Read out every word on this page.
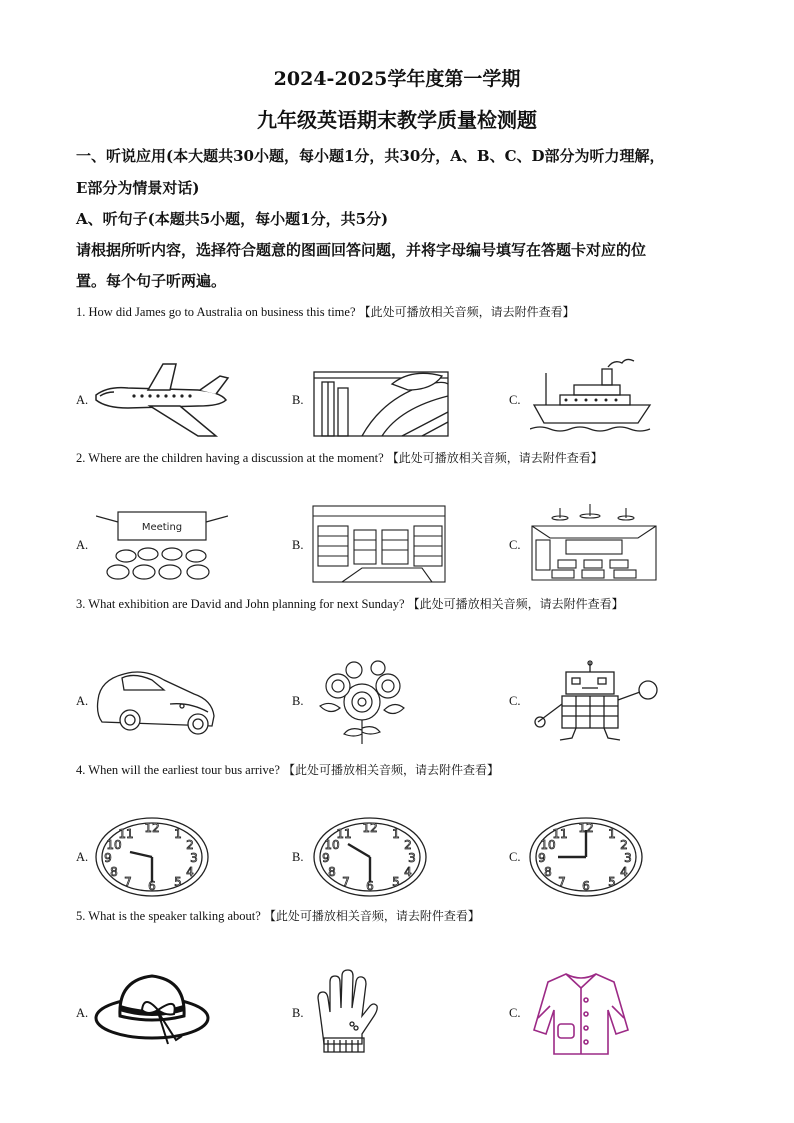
2024-2025学年度第一学期
九年级英语期末教学质量检测题
一、听说应用(本大题共30小题，每小题1分，共30分，A、B、C、D部分为听力理解，
E部分为情景对话)
A、听句子(本题共5小题，每小题1分，共5分)
请根据所听内容，选择符合题意的图画回答问题，并将字母编号填写在答题卡对应的位
置。每个句子听两遍。
1. How did James go to Australia on business this time? 【此处可播放相关音频，请去附件查看】
A.	B.	C.
2. Where are the children having a discussion at the moment? 【此处可播放相关音频，请去附件查看】
A.
Meeting
B.	C.
3. What exhibition are David and John planning for next Sunday? 【此处可播放相关音频，请去附件查看】
A.	B.	C.
4. When will the earliest tour bus arrive? 【此处可播放相关音频，请去附件查看】
A.
12 1
2
3
4
5
6
7
8
9
10
11
B.
12 1
2
3
4
5
6
7
8
9
10
11
C.
12 1
2
3
4
5
6
7
8
9
10
11
5. What is the speaker talking about? 【此处可播放相关音频，请去附件查看】
A.	B.	C.
